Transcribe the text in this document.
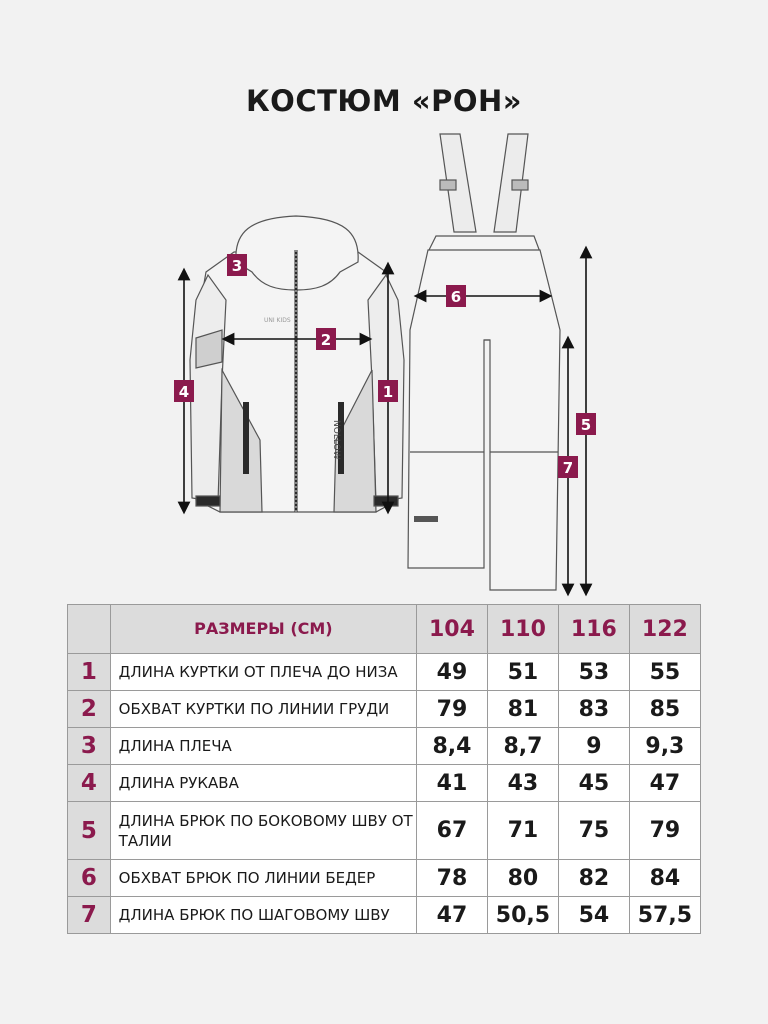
КОСТЮМ «РОН»
UNI KIDS
NOLLOW
3
2
4	1
6
5
7
	РАЗМЕРЫ (СМ)	104	110	116	122
1	ДЛИНА КУРТКИ ОТ ПЛЕЧА ДО НИЗА	49	51	53	55
2	ОБХВАТ КУРТКИ ПО ЛИНИИ ГРУДИ	79	81	83	85
3	ДЛИНА ПЛЕЧА	8,4	8,7	9	9,3
4	ДЛИНА РУКАВА	41	43	45	47
5	ДЛИНА БРЮК ПО БОКОВОМУ ШВУ ОТ ТАЛИИ	67	71	75	79
6	ОБХВАТ БРЮК ПО ЛИНИИ БЕДЕР	78	80	82	84
7	ДЛИНА БРЮК ПО ШАГОВОМУ ШВУ	47	50,5	54	57,5
